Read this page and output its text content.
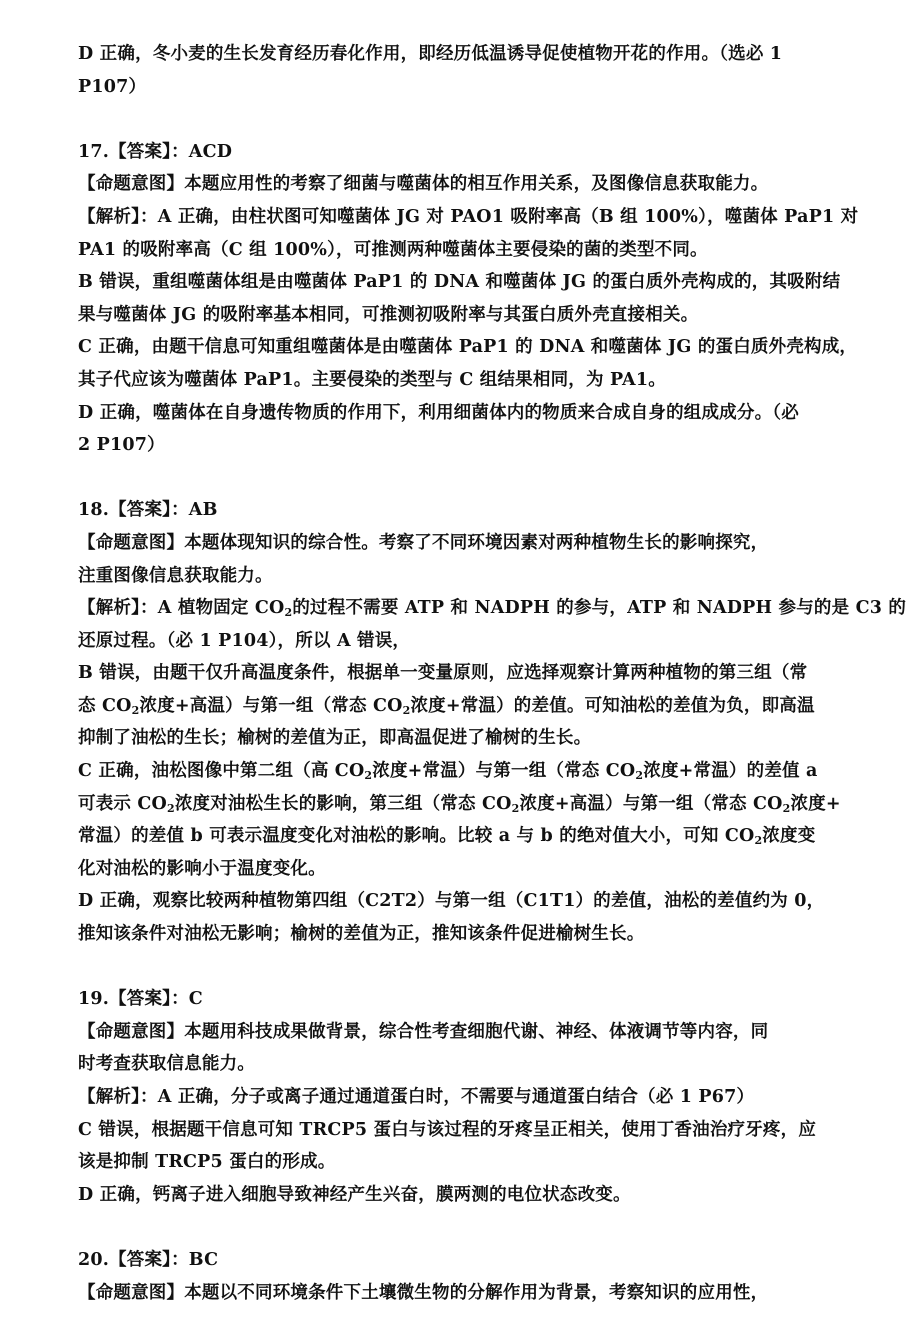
D 正确，冬小麦的生长发育经历春化作用，即经历低温诱导促使植物开花的作用。（选必 1
P107）
17.【答案】：ACD
【命题意图】本题应用性的考察了细菌与噬菌体的相互作用关系，及图像信息获取能力。
【解析】：A 正确，由柱状图可知噬菌体 JG 对 PAO1 吸附率高（B 组 100%），噬菌体 PaP1 对
PA1 的吸附率高（C 组 100%），可推测两种噬菌体主要侵染的菌的类型不同。
B 错误，重组噬菌体组是由噬菌体 PaP1 的 DNA 和噬菌体 JG 的蛋白质外壳构成的，其吸附结
果与噬菌体 JG 的吸附率基本相同，可推测初吸附率与其蛋白质外壳直接相关。
C 正确，由题干信息可知重组噬菌体是由噬菌体 PaP1 的 DNA 和噬菌体 JG 的蛋白质外壳构成，
其子代应该为噬菌体 PaP1。主要侵染的类型与 C 组结果相同，为 PA1。
D 正确，噬菌体在自身遗传物质的作用下，利用细菌体内的物质来合成自身的组成成分。（必
2 P107）
18.【答案】：AB
【命题意图】本题体现知识的综合性。考察了不同环境因素对两种植物生长的影响探究，
注重图像信息获取能力。
【解析】：A 植物固定 $CO_2$的过程不需要 ATP 和 NADPH 的参与，ATP 和 NADPH 参与的是 C3 的
还原过程。（必 1 P104），所以 A 错误，
B 错误，由题干仅升高温度条件，根据单一变量原则，应选择观察计算两种植物的第三组（常
态 $CO_2$浓度+高温）与第一组（常态 $CO_2$浓度+常温）的差值。可知油松的差值为负，即高温
抑制了油松的生长；榆树的差值为正，即高温促进了榆树的生长。
C 正确，油松图像中第二组（高 $CO_2$浓度+常温）与第一组（常态 $CO_2$浓度+常温）的差值 a
可表示 $CO_2$浓度对油松生长的影响，第三组（常态 $CO_2$浓度+高温）与第一组（常态 $CO_2$浓度+
常温）的差值 b 可表示温度变化对油松的影响。比较 a 与 b 的绝对值大小，可知 $CO_2$浓度变
化对油松的影响小于温度变化。
D 正确，观察比较两种植物第四组（C2T2）与第一组（C1T1）的差值，油松的差值约为 0，
推知该条件对油松无影响；榆树的差值为正，推知该条件促进榆树生长。
19.【答案】：C
【命题意图】本题用科技成果做背景，综合性考查细胞代谢、神经、体液调节等内容，同
时考查获取信息能力。
【解析】：A 正确，分子或离子通过通道蛋白时，不需要与通道蛋白结合（必 1 P67）
C 错误，根据题干信息可知 TRCP5 蛋白与该过程的牙疼呈正相关，使用丁香油治疗牙疼，应
该是抑制 TRCP5 蛋白的形成。
D 正确，钙离子进入细胞导致神经产生兴奋，膜两测的电位状态改变。
20.【答案】：BC
【命题意图】本题以不同环境条件下土壤微生物的分解作用为背景，考察知识的应用性，
